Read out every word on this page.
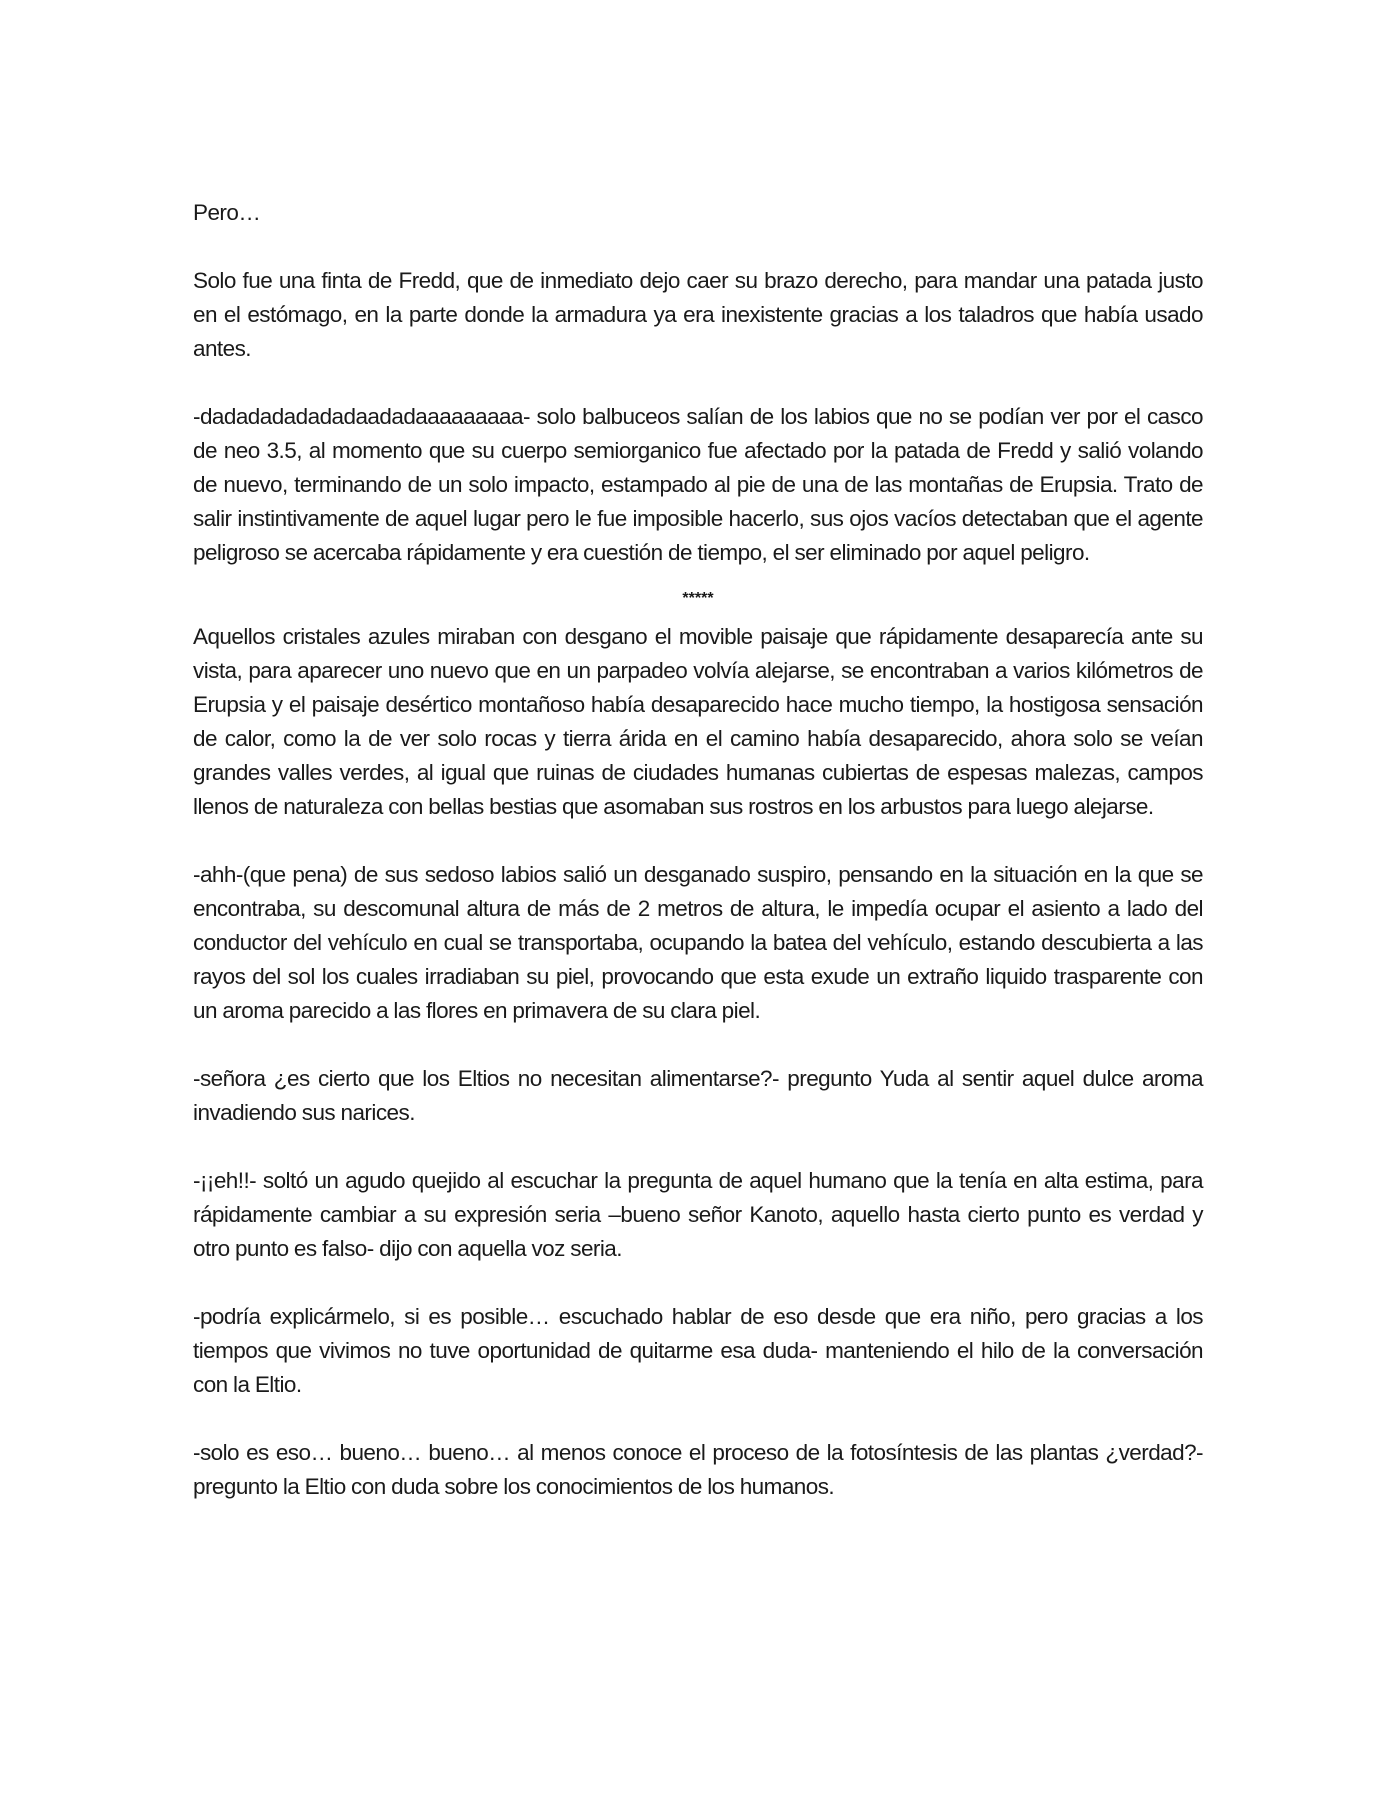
Pero…

Solo fue una finta de Fredd, que de inmediato dejo caer su brazo derecho, para mandar una patada justo en el estómago, en la parte donde la armadura ya era inexistente gracias a los taladros que había usado antes.

-dadadadadadadaadadaaaaaaaaa- solo balbuceos salían de los labios que no se podían ver por el casco de neo 3.5, al momento que su cuerpo semiorganico fue afectado por la patada de Fredd y salió volando de nuevo, terminando de un solo impacto, estampado al pie de una de las montañas de Erupsia. Trato de salir instintivamente de aquel lugar pero le fue imposible hacerlo, sus ojos vacíos detectaban que el agente peligroso se acercaba rápidamente y era cuestión de tiempo, el ser eliminado por aquel peligro.

*****

Aquellos cristales azules miraban con desgano el movible paisaje que rápidamente desaparecía ante su vista, para aparecer uno nuevo que en un parpadeo volvía alejarse, se encontraban a varios kilómetros de Erupsia y el paisaje desértico montañoso había desaparecido hace mucho tiempo, la hostigosa sensación de calor, como la de ver solo rocas y tierra árida en el camino había desaparecido, ahora solo se veían grandes valles verdes, al igual que ruinas de ciudades humanas cubiertas de espesas malezas, campos llenos de naturaleza con bellas bestias que asomaban sus rostros en los arbustos para luego alejarse.

-ahh-(que pena) de sus sedoso labios salió un desganado suspiro, pensando en la situación en la que se encontraba, su descomunal altura de más de 2 metros de altura, le impedía ocupar el asiento a lado del conductor del vehículo en cual se transportaba, ocupando la batea del vehículo, estando descubierta a las rayos del sol los cuales irradiaban su piel, provocando que esta exude un extraño liquido trasparente con un aroma parecido a las flores en primavera de su clara piel.

-señora ¿es cierto que los Eltios no necesitan alimentarse?- pregunto Yuda al sentir aquel dulce aroma invadiendo sus narices.

-¡¡eh!!- soltó un agudo quejido al escuchar la pregunta de aquel humano que la tenía en alta estima, para rápidamente cambiar a su expresión seria –bueno señor Kanoto, aquello hasta cierto punto es verdad y otro punto es falso- dijo con aquella voz seria.

-podría explicármelo, si es posible… escuchado hablar de eso desde que era niño, pero gracias a los tiempos que vivimos no tuve oportunidad de quitarme esa duda- manteniendo el hilo de la conversación con la Eltio.

-solo es eso… bueno… bueno… al menos conoce el proceso de la fotosíntesis de las plantas ¿verdad?- pregunto la Eltio con duda sobre los conocimientos de los humanos.
